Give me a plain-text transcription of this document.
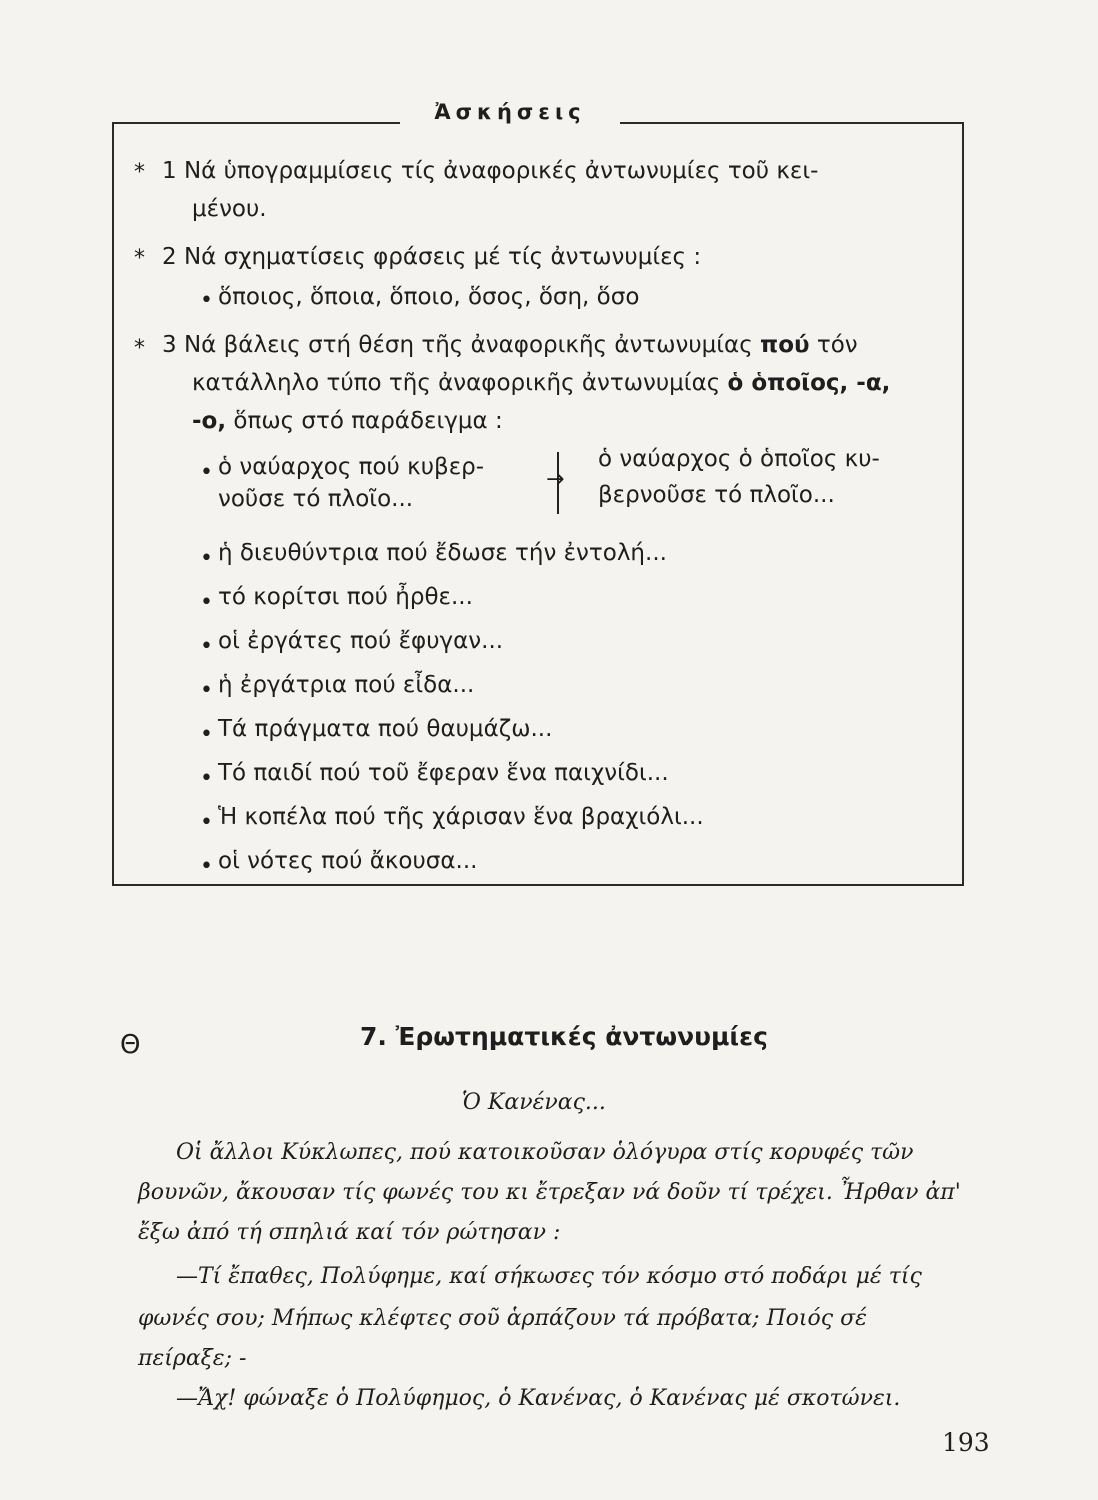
Ἀσκήσεις
* 1 Νά ὑπογραμμίσεις τίς ἀναφορικές ἀντωνυμίες τοῦ κει-
μένου.
* 2 Νά σχηματίσεις φράσεις μέ τίς ἀντωνυμίες :
• ὅποιος, ὅποια, ὅποιο, ὅσος, ὅση, ὅσο
* 3 Νά βάλεις στή θέση τῆς ἀναφορικῆς ἀντωνυμίας πού τόν
κατάλληλο τύπο τῆς ἀναφορικῆς ἀντωνυμίας ὁ ὁποῖος, -α,
-ο, ὅπως στό παράδειγμα :
• ὁ ναύαρχος πού κυβερ-
νοῦσε τό πλοῖο...
→
ὁ ναύαρχος ὁ ὁποῖος κυ-
βερνοῦσε τό πλοῖο...
• ἡ διευθύντρια πού ἔδωσε τήν ἐντολή...
• τό κορίτσι πού ἦρθε...
• οἱ ἐργάτες πού ἔφυγαν...
• ἡ ἐργάτρια πού εἶδα...
• Τά πράγματα πού θαυμάζω...
• Τό παιδί πού τοῦ ἔφεραν ἕνα παιχνίδι...
• Ἡ κοπέλα πού τῆς χάρισαν ἕνα βραχιόλι...
• οἱ νότες πού ἄκουσα...
Θ	7. Ἐρωτηματικές ἀντωνυμίες
Ὁ Κανένας...

Οἱ ἄλλοι Κύκλωπες, πού κατοικοῦσαν ὁλόγυρα στίς κορυφές τῶν

βουνῶν, ἄκουσαν τίς φωνές του κι ἔτρεξαν νά δοῦν τί τρέχει. Ἦρθαν ἀπ'

ἔξω ἀπό τή σπηλιά καί τόν ρώτησαν :

—Τί ἔπαθες, Πολύφημε, καί σήκωσες τόν κόσμο στό ποδάρι μέ τίς

φωνές σου; Μήπως κλέφτες σοῦ ἁρπάζουν τά πρόβατα; Ποιός σέ

πείραξε; -

—Ἄχ! φώναξε ὁ Πολύφημος, ὁ Κανένας, ὁ Κανένας μέ σκοτώνει.

193
